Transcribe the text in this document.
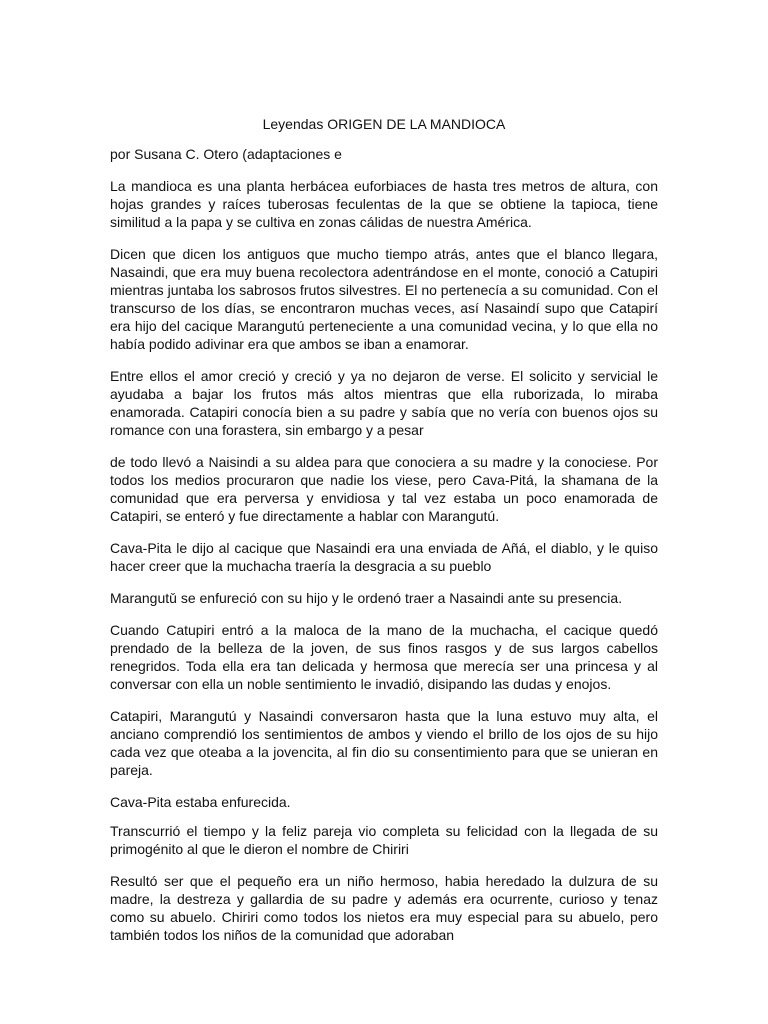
Leyendas ORIGEN DE LA MANDIOCA

por Susana C. Otero (adaptaciones e

La mandioca es una planta herbácea euforbiaces de hasta tres metros de altura, con hojas grandes y raíces tuberosas feculentas de la que se obtiene la tapioca, tiene similitud a la papa y se cultiva en zonas cálidas de nuestra América.

Dicen que dicen los antiguos que mucho tiempo atrás, antes que el blanco llegara, Nasaindi, que era muy buena recolectora adentrándose en el monte, conoció a Catupiri mientras juntaba los sabrosos frutos silvestres. El no pertenecía a su comunidad. Con el transcurso de los días, se encontraron muchas veces, así Nasaindí supo que Catapirí era hijo del cacique Marangutú perteneciente a una comunidad vecina, y lo que ella no había podido adivinar era que ambos se iban a enamorar.

Entre ellos el amor creció y creció y ya no dejaron de verse. El solicito y servicial le ayudaba a bajar los frutos más altos mientras que ella ruborizada, lo miraba enamorada. Catapiri conocía bien a su padre y sabía que no vería con buenos ojos su romance con una forastera, sin embargo y a pesar

de todo llevó a Naisindi a su aldea para que conociera a su madre y la conociese. Por todos los medios procuraron que nadie los viese, pero Cava-Pitá, la shamana de la comunidad que era perversa y envidiosa y tal vez estaba un poco enamorada de Catapiri, se enteró y fue directamente a hablar con Marangutú.

Cava-Pita le dijo al cacique que Nasaindi era una enviada de Añá, el diablo, y le quiso hacer creer que la muchacha traería la desgracia a su pueblo

Marangutǔ se enfureció con su hijo y le ordenó traer a Nasaindi ante su presencia.

Cuando Catupiri entró a la maloca de la mano de la muchacha, el cacique quedó prendado de la belleza de la joven, de sus finos rasgos y de sus largos cabellos renegridos. Toda ella era tan delicada y hermosa que merecía ser una princesa y al conversar con ella un noble sentimiento le invadió, disipando las dudas y enojos.

Catapiri, Marangutú y Nasaindi conversaron hasta que la luna estuvo muy alta, el anciano comprendió los sentimientos de ambos y viendo el brillo de los ojos de su hijo cada vez que oteaba a la jovencita, al fin dio su consentimiento para que se unieran en pareja.

Cava-Pita estaba enfurecida.

Transcurrió el tiempo y la feliz pareja vio completa su felicidad con la llegada de su primogénito al que le dieron el nombre de Chiriri

Resultó ser que el pequeño era un niño hermoso, habia heredado la dulzura de su madre, la destreza y gallardia de su padre y además era ocurrente, curioso y tenaz como su abuelo. Chiriri como todos los nietos era muy especial para su abuelo, pero también todos los niños de la comunidad que adoraban
